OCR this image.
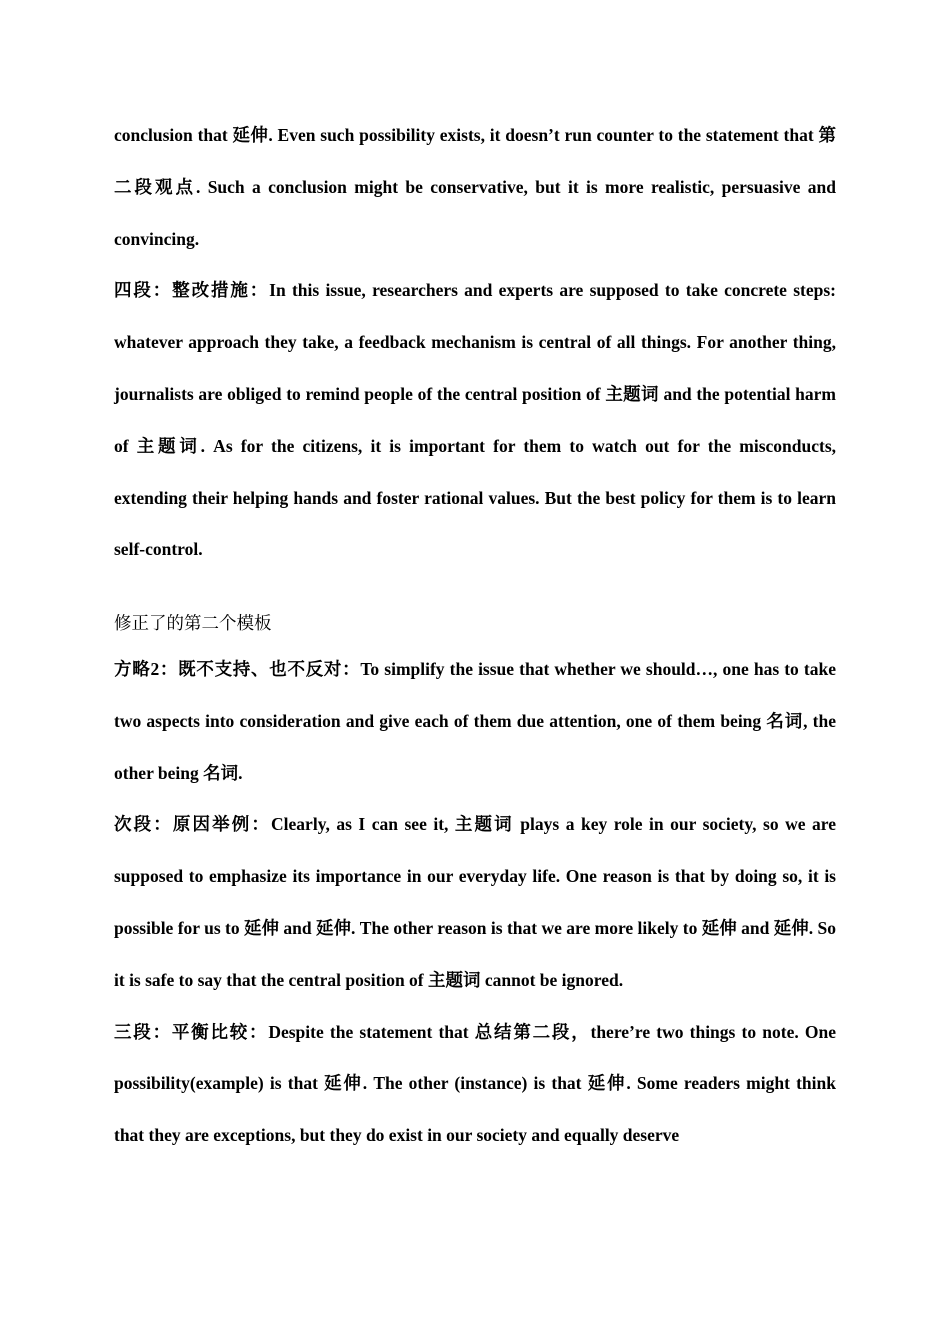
conclusion that 延伸. Even such possibility exists, it doesn’t run counter to the statement that 第二段观点. Such a conclusion might be conservative, but it is more realistic, persuasive and convincing.

四段：整改措施：In this issue, researchers and experts are supposed to take concrete steps: whatever approach they take, a feedback mechanism is central of all things. For another thing, journalists are obliged to remind people of the central position of 主题词 and the potential harm of 主题词. As for the citizens, it is important for them to watch out for the misconducts, extending their helping hands and foster rational values. But the best policy for them is to learn self-control.

修正了的第二个模板

方略2：既不支持、也不反对：To simplify the issue that whether we should…, one has to take two aspects into consideration and give each of them due attention, one of them being 名词, the other being 名词.

次段：原因举例：Clearly, as I can see it, 主题词 plays a key role in our society, so we are supposed to emphasize its importance in our everyday life. One reason is that by doing so, it is possible for us to 延伸 and 延伸. The other reason is that we are more likely to 延伸 and 延伸. So it is safe to say that the central position of 主题词 cannot be ignored.

三段：平衡比较：Despite the statement that 总结第二段，there’re two things to note. One possibility(example) is that 延伸. The other (instance) is that 延伸. Some readers might think that they are exceptions, but they do exist in our society and equally deserve
